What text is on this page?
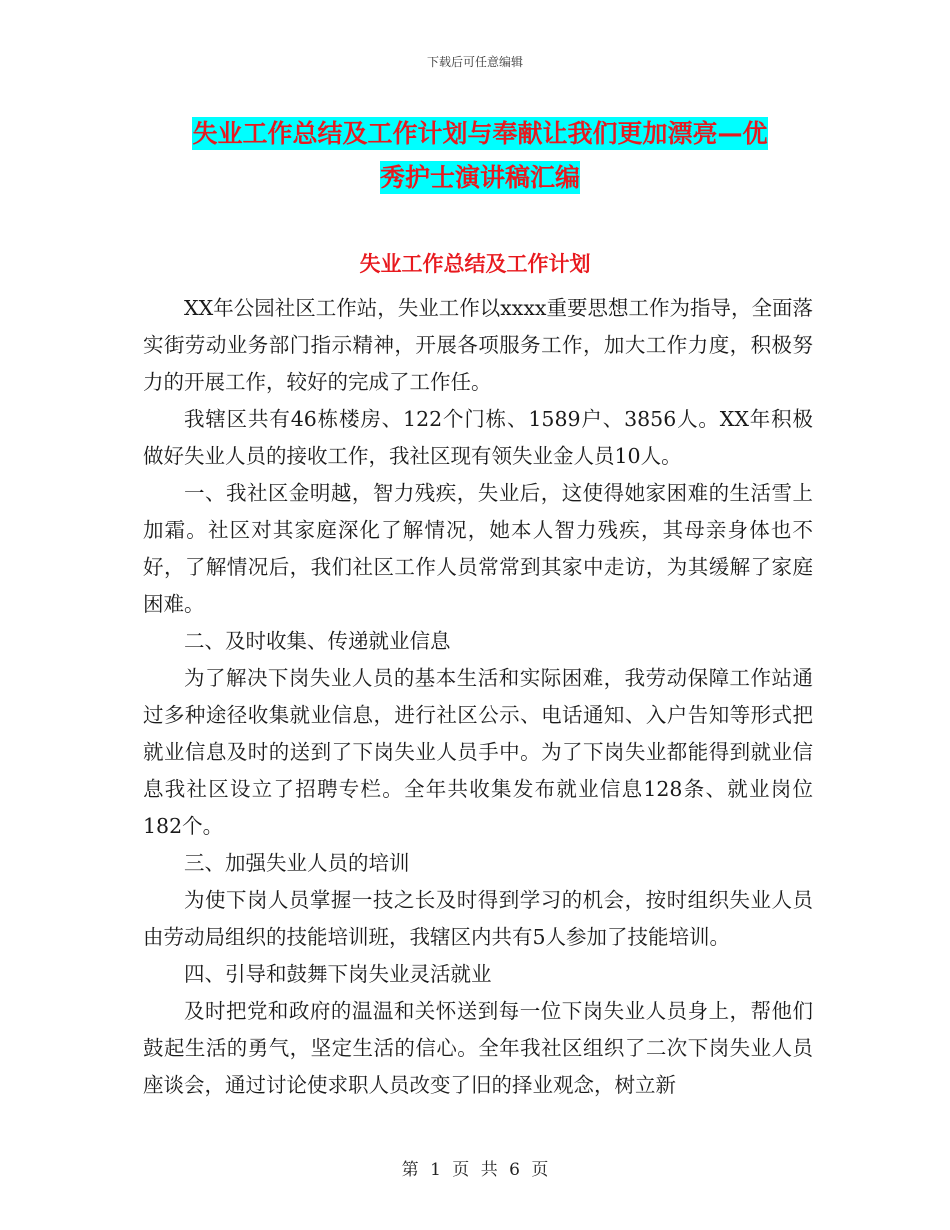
下载后可任意编辑
失业工作总结及工作计划与奉献让我们更加漂亮—优
秀护士演讲稿汇编
失业工作总结及工作计划

XX年公园社区工作站，失业工作以xxxx重要思想工作为指导，全面落实街劳动业务部门指示精神，开展各项服务工作，加大工作力度，积极努力的开展工作，较好的完成了工作任。

我辖区共有46栋楼房、122个门栋、1589户、3856人。XX年积极做好失业人员的接收工作，我社区现有领失业金人员10人。

一、我社区金明越，智力残疾，失业后，这使得她家困难的生活雪上加霜。社区对其家庭深化了解情况，她本人智力残疾，其母亲身体也不好，了解情况后，我们社区工作人员常常到其家中走访，为其缓解了家庭困难。

二、及时收集、传递就业信息

为了解决下岗失业人员的基本生活和实际困难，我劳动保障工作站通过多种途径收集就业信息，进行社区公示、电话通知、入户告知等形式把就业信息及时的送到了下岗失业人员手中。为了下岗失业都能得到就业信息我社区设立了招聘专栏。全年共收集发布就业信息128条、就业岗位182个。

三、加强失业人员的培训

为使下岗人员掌握一技之长及时得到学习的机会，按时组织失业人员由劳动局组织的技能培训班，我辖区内共有5人参加了技能培训。

四、引导和鼓舞下岗失业灵活就业

及时把党和政府的温温和关怀送到每一位下岗失业人员身上，帮他们鼓起生活的勇气，坚定生活的信心。全年我社区组织了二次下岗失业人员座谈会，通过讨论使求职人员改变了旧的择业观念，树立新

第 1 页 共 6 页
